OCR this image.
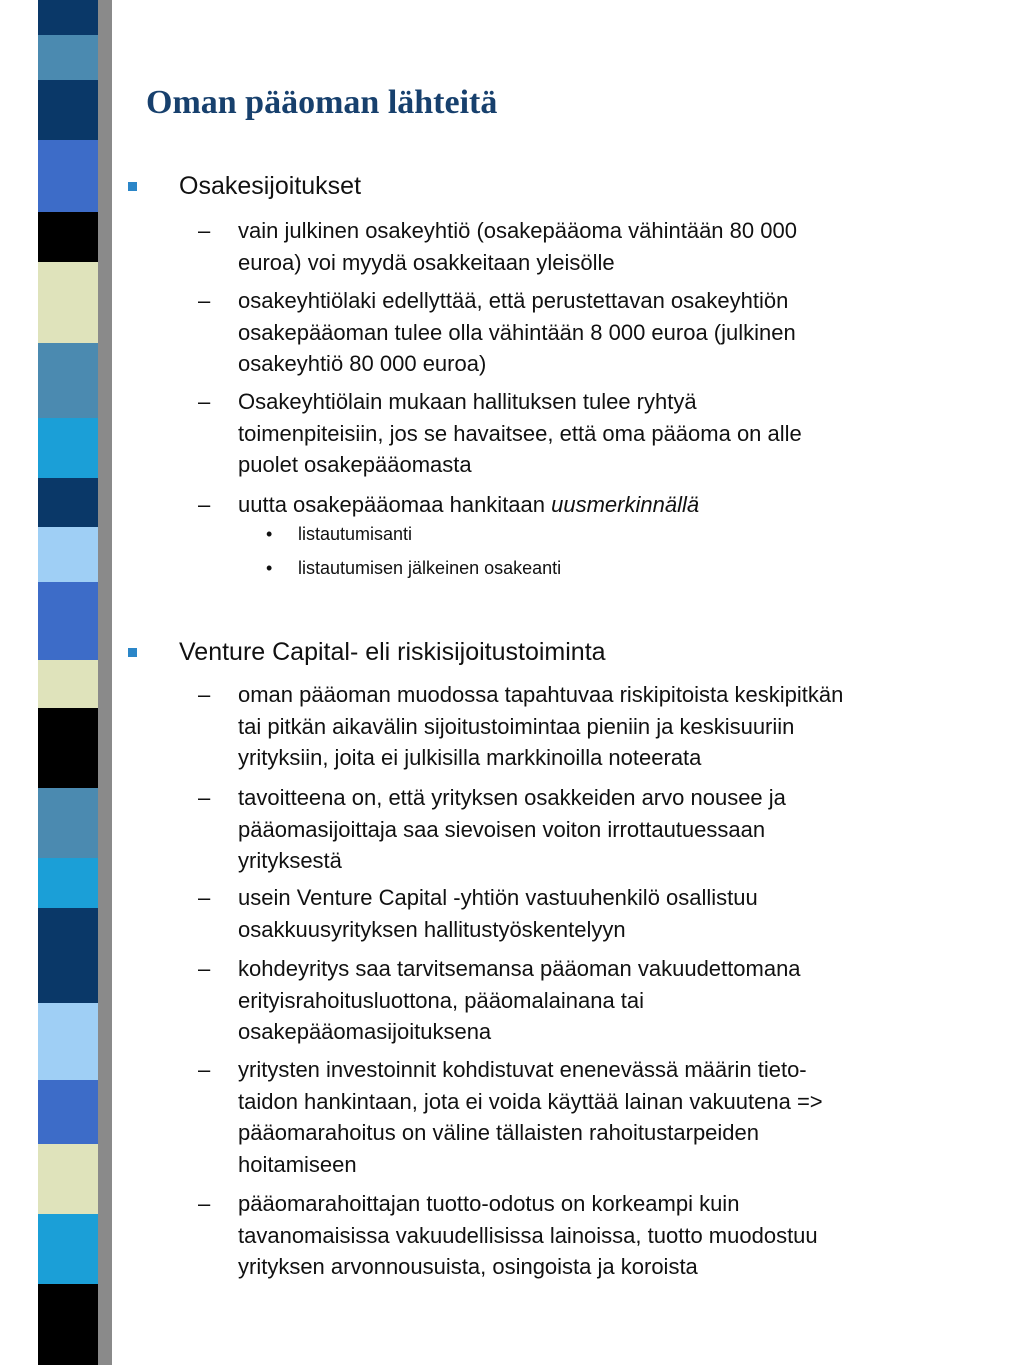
Oman pääoman lähteitä
Osakesijoitukset
–	vain julkinen osakeyhtiö (osakepääoma vähintään 80 000
euroa) voi myydä osakkeitaan yleisölle
–	osakeyhtiölaki edellyttää, että perustettavan osakeyhtiön
osakepääoman tulee olla vähintään 8 000 euroa (julkinen
osakeyhtiö 80 000 euroa)
–	Osakeyhtiölain mukaan hallituksen tulee ryhtyä
toimenpiteisiin, jos se havaitsee, että oma pääoma on alle
puolet osakepääomasta
–	uutta osakepääomaa hankitaan uusmerkinnällä
• listautumisanti
• listautumisen jälkeinen osakeanti
Venture Capital- eli riskisijoitustoiminta
–	oman pääoman muodossa tapahtuvaa riskipitoista keskipitkän
tai pitkän aikavälin sijoitustoimintaa pieniin ja keskisuuriin
yrityksiin, joita ei julkisilla markkinoilla noteerata
–	tavoitteena on, että yrityksen osakkeiden arvo nousee ja
pääomasijoittaja saa sievoisen voiton irrottautuessaan
yrityksestä
–	usein Venture Capital -yhtiön vastuuhenkilö osallistuu
osakkuusyrityksen hallitustyöskentelyyn
–	kohdeyritys saa tarvitsemansa pääoman vakuudettomana
erityisrahoitusluottona, pääomalainana tai
osakepääomasijoituksena
–	yritysten investoinnit kohdistuvat enenevässä määrin tieto-
taidon hankintaan, jota ei voida käyttää lainan vakuutena =>
pääomarahoitus on väline tällaisten rahoitustarpeiden
hoitamiseen
–	pääomarahoittajan tuotto-odotus on korkeampi kuin
tavanomaisissa vakuudellisissa lainoissa, tuotto muodostuu
yrityksen arvonnousuista, osingoista ja koroista
